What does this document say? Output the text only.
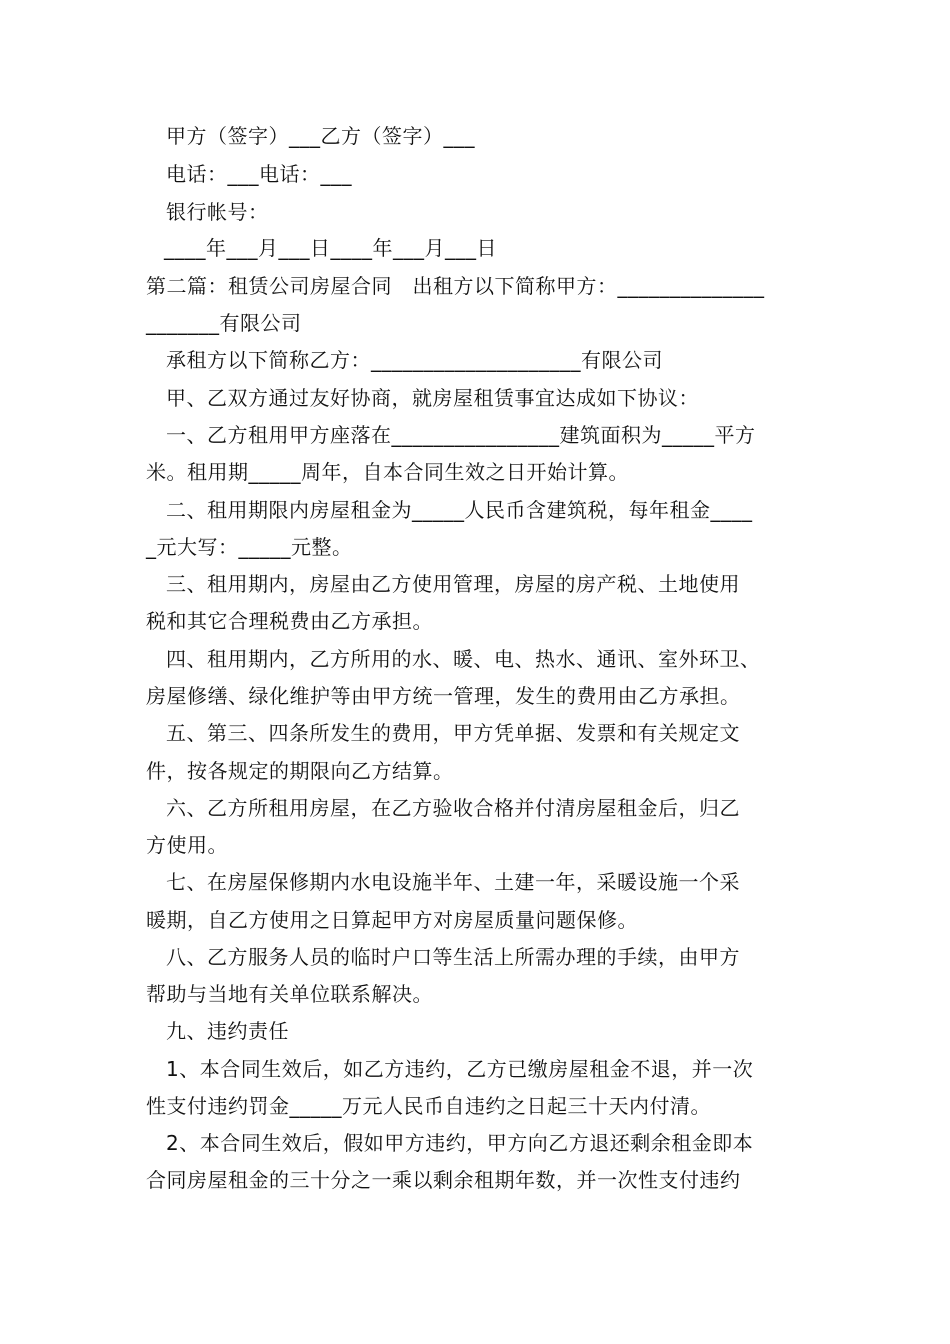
甲方（签字）___乙方（签字）___
电话：___电话：___
银行帐号：
____年___月___日____年___月___日
第二篇：租赁公司房屋合同　出租方以下简称甲方：______________
_______有限公司
承租方以下简称乙方：____________________有限公司
甲、乙双方通过友好协商，就房屋租赁事宜达成如下协议：
一、乙方租用甲方座落在________________建筑面积为_____平方
米。租用期_____周年，自本合同生效之日开始计算。
二、租用期限内房屋租金为_____人民币含建筑税，每年租金____
_元大写：_____元整。
三、租用期内，房屋由乙方使用管理，房屋的房产税、土地使用
税和其它合理税费由乙方承担。
四、租用期内，乙方所用的水、暖、电、热水、通讯、室外环卫、
房屋修缮、绿化维护等由甲方统一管理，发生的费用由乙方承担。
五、第三、四条所发生的费用，甲方凭单据、发票和有关规定文
件，按各规定的期限向乙方结算。
六、乙方所租用房屋，在乙方验收合格并付清房屋租金后，归乙
方使用。
七、在房屋保修期内水电设施半年、土建一年，采暖设施一个采
暖期，自乙方使用之日算起甲方对房屋质量问题保修。
八、乙方服务人员的临时户口等生活上所需办理的手续，由甲方
帮助与当地有关单位联系解决。
九、违约责任
1、本合同生效后，如乙方违约，乙方已缴房屋租金不退，并一次
性支付违约罚金_____万元人民币自违约之日起三十天内付清。
2、本合同生效后，假如甲方违约，甲方向乙方退还剩余租金即本
合同房屋租金的三十分之一乘以剩余租期年数，并一次性支付违约
